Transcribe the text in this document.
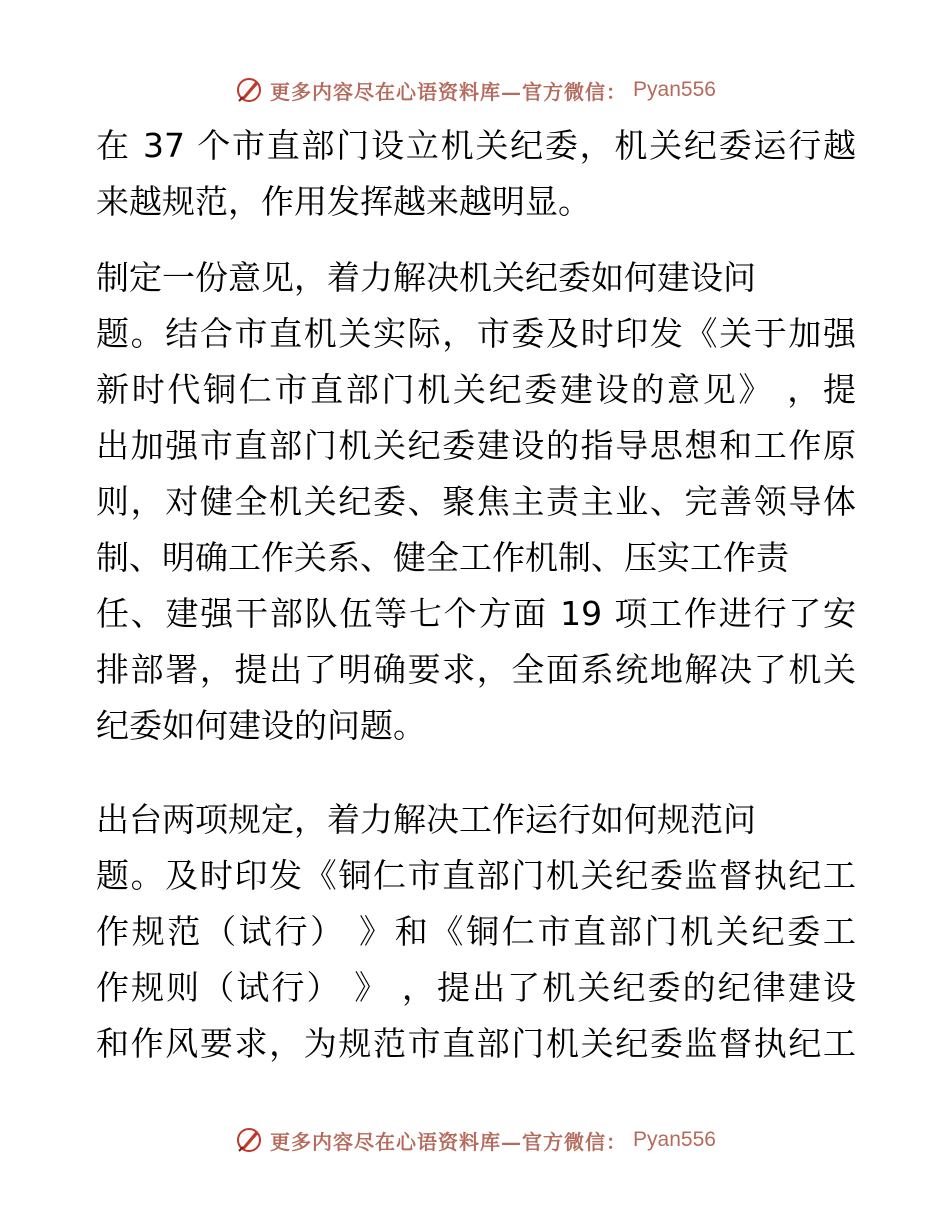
更多内容尽在心语资料库—官方微信： Pyan556
在 37 个市直部门设立机关纪委，机关纪委运行越
来越规范，作用发挥越来越明显。
制定一份意见，着力解决机关纪委如何建设问
题。结合市直机关实际，市委及时印发《关于加强
新时代铜仁市直部门机关纪委建设的意见》 ，提
出加强市直部门机关纪委建设的指导思想和工作原
则，对健全机关纪委、聚焦主责主业、完善领导体
制、明确工作关系、健全工作机制、压实工作责
任、建强干部队伍等七个方面 19 项工作进行了安
排部署，提出了明确要求，全面系统地解决了机关
纪委如何建设的问题。
出台两项规定，着力解决工作运行如何规范问
题。及时印发《铜仁市直部门机关纪委监督执纪工
作规范（试行） 》和《铜仁市直部门机关纪委工
作规则（试行） 》 ，提出了机关纪委的纪律建设
和作风要求，为规范市直部门机关纪委监督执纪工
更多内容尽在心语资料库—官方微信： Pyan556
